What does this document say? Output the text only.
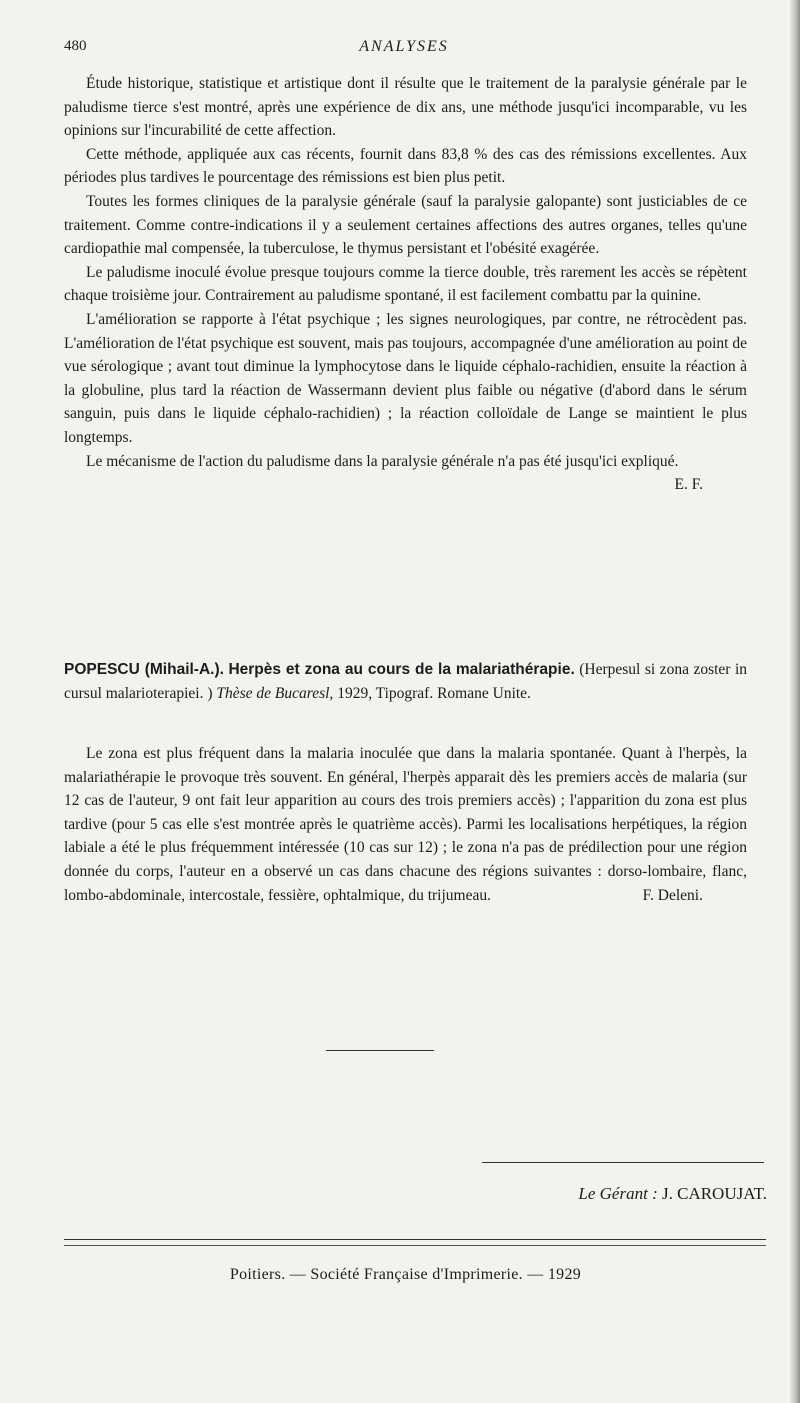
480	ANALYSES

Étude historique, statistique et artistique dont il résulte que le traitement de la paralysie générale par le paludisme tierce s'est montré, après une expérience de dix ans, une méthode jusqu'ici incomparable, vu les opinions sur l'incurabilité de cette affection.

Cette méthode, appliquée aux cas récents, fournit dans 83,8 % des cas des rémissions excellentes. Aux périodes plus tardives le pourcentage des rémissions est bien plus petit.

Toutes les formes cliniques de la paralysie générale (sauf la paralysie galopante) sont justiciables de ce traitement. Comme contre-indications il y a seulement certaines affections des autres organes, telles qu'une cardiopathie mal compensée, la tuberculose, le thymus persistant et l'obésité exagérée.

Le paludisme inoculé évolue presque toujours comme la tierce double, très rarement les accès se répètent chaque troisième jour. Contrairement au paludisme spontané, il est facilement combattu par la quinine.

L'amélioration se rapporte à l'état psychique ; les signes neurologiques, par contre, ne rétrocèdent pas. L'amélioration de l'état psychique est souvent, mais pas toujours, accompagnée d'une amélioration au point de vue sérologique ; avant tout diminue la lymphocytose dans le liquide céphalo-rachidien, ensuite la réaction à la globuline, plus tard la réaction de Wassermann devient plus faible ou négative (d'abord dans le sérum sanguin, puis dans le liquide céphalo-rachidien) ; la réaction colloïdale de Lange se maintient le plus longtemps.

Le mécanisme de l'action du paludisme dans la paralysie générale n'a pas été jusqu'ici expliqué.
E. F.

POPESCU (Mihail-A.). Herpès et zona au cours de la malariathérapie. (Herpesul si zona zoster in cursul malarioterapiei. ) Thèse de Bucaresl, 1929, Tipograf. Romane Unite.

Le zona est plus fréquent dans la malaria inoculée que dans la malaria spontanée. Quant à l'herpès, la malariathérapie le provoque très souvent. En général, l'herpès apparait dès les premiers accès de malaria (sur 12 cas de l'auteur, 9 ont fait leur apparition au cours des trois premiers accès) ; l'apparition du zona est plus tardive (pour 5 cas elle s'est montrée après le quatrième accès). Parmi les localisations herpétiques, la région labiale a été le plus fréquemment intéressée (10 cas sur 12) ; le zona n'a pas de prédilection pour une région donnée du corps, l'auteur en a observé un cas dans chacune des régions suivantes : dorso-lombaire, flanc, lombo-abdominale, intercostale, fessière, ophtalmique, du trijumeau.	F. Deleni.

Le Gérant : J. CAROUJAT.
Poitiers. — Société Française d'Imprimerie. — 1929
